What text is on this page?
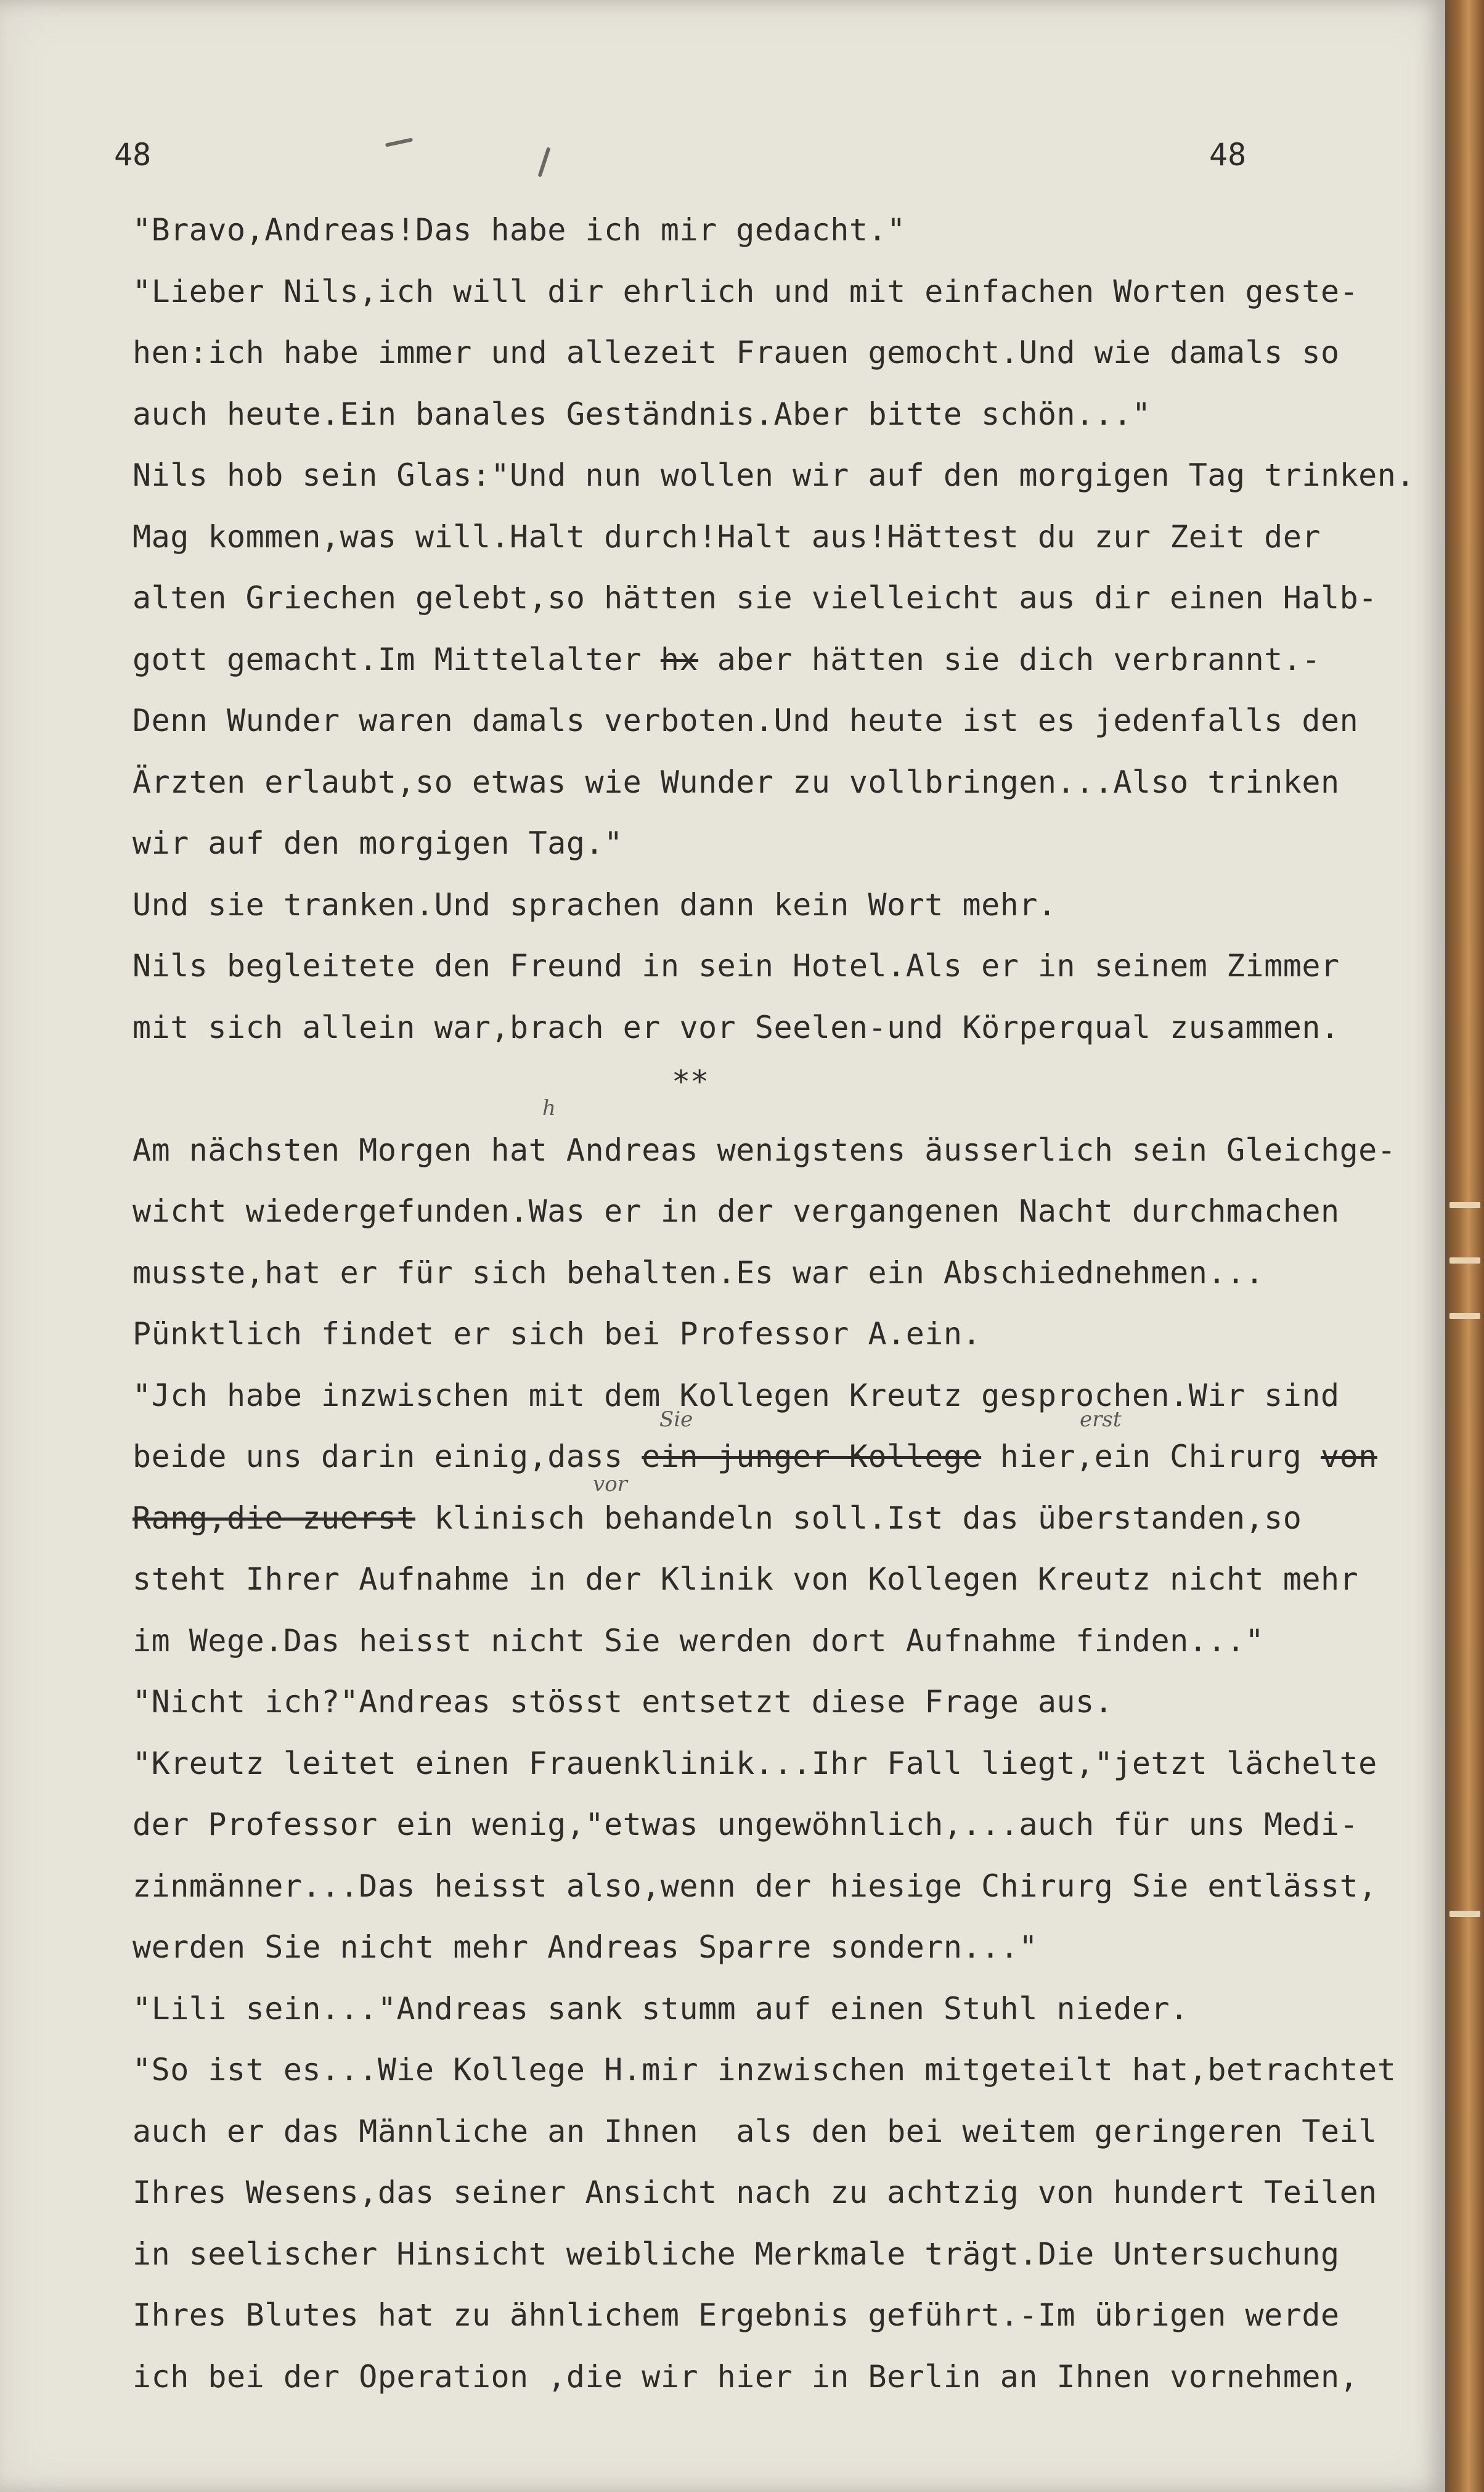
48	48
"Bravo,Andreas!Das habe ich mir gedacht."
"Lieber Nils,ich will dir ehrlich und mit einfachen Worten geste-
hen:ich habe immer und allezeit Frauen gemocht.Und wie damals so
auch heute.Ein banales Geständnis.Aber bitte schön..."
Nils hob sein Glas:"Und nun wollen wir auf den morgigen Tag trinken.
Mag kommen,was will.Halt durch!Halt aus!Hättest du zur Zeit der
alten Griechen gelebt,so hätten sie vielleicht aus dir einen Halb-
gott gemacht.Im Mittelalter hx aber hätten sie dich verbrannt.-
Denn Wunder waren damals verboten.Und heute ist es jedenfalls den
Ärzten erlaubt,so etwas wie Wunder zu vollbringen...Also trinken
wir auf den morgigen Tag."
Und sie tranken.Und sprachen dann kein Wort mehr.
Nils begleitete den Freund in sein Hotel.Als er in seinem Zimmer
mit sich allein war,brach er vor Seelen-und Körperqual zusammen.
Am nächsten Morgen hat Andreas wenigstens äusserlich sein Gleichge-
wicht wiedergefunden.Was er in der vergangenen Nacht durchmachen
musste,hat er für sich behalten.Es war ein Abschiednehmen...
Pünktlich findet er sich bei Professor A.ein.
"Jch habe inzwischen mit dem Kollegen Kreutz gesprochen.Wir sind
beide uns darin einig,dass ein junger Kollege hier,ein Chirurg von
Rang,die zuerst klinisch behandeln soll.Ist das überstanden,so
steht Ihrer Aufnahme in der Klinik von Kollegen Kreutz nicht mehr
im Wege.Das heisst nicht Sie werden dort Aufnahme finden..."
"Nicht ich?"Andreas stösst entsetzt diese Frage aus.
"Kreutz leitet einen Frauenklinik...Ihr Fall liegt,"jetzt lächelte
der Professor ein wenig,"etwas ungewöhnlich,...auch für uns Medi-
zinmänner...Das heisst also,wenn der hiesige Chirurg Sie entlässt,
werden Sie nicht mehr Andreas Sparre sondern..."
"Lili sein..."Andreas sank stumm auf einen Stuhl nieder.
"So ist es...Wie Kollege H.mir inzwischen mitgeteilt hat,betrachtet
auch er das Männliche an Ihnen  als den bei weitem geringeren Teil
Ihres Wesens,das seiner Ansicht nach zu achtzig von hundert Teilen
in seelischer Hinsicht weibliche Merkmale trägt.Die Untersuchung
Ihres Blutes hat zu ähnlichem Ergebnis geführt.-Im übrigen werde
ich bei der Operation ,die wir hier in Berlin an Ihnen vornehmen,
**
h
Sie	erst
vor
